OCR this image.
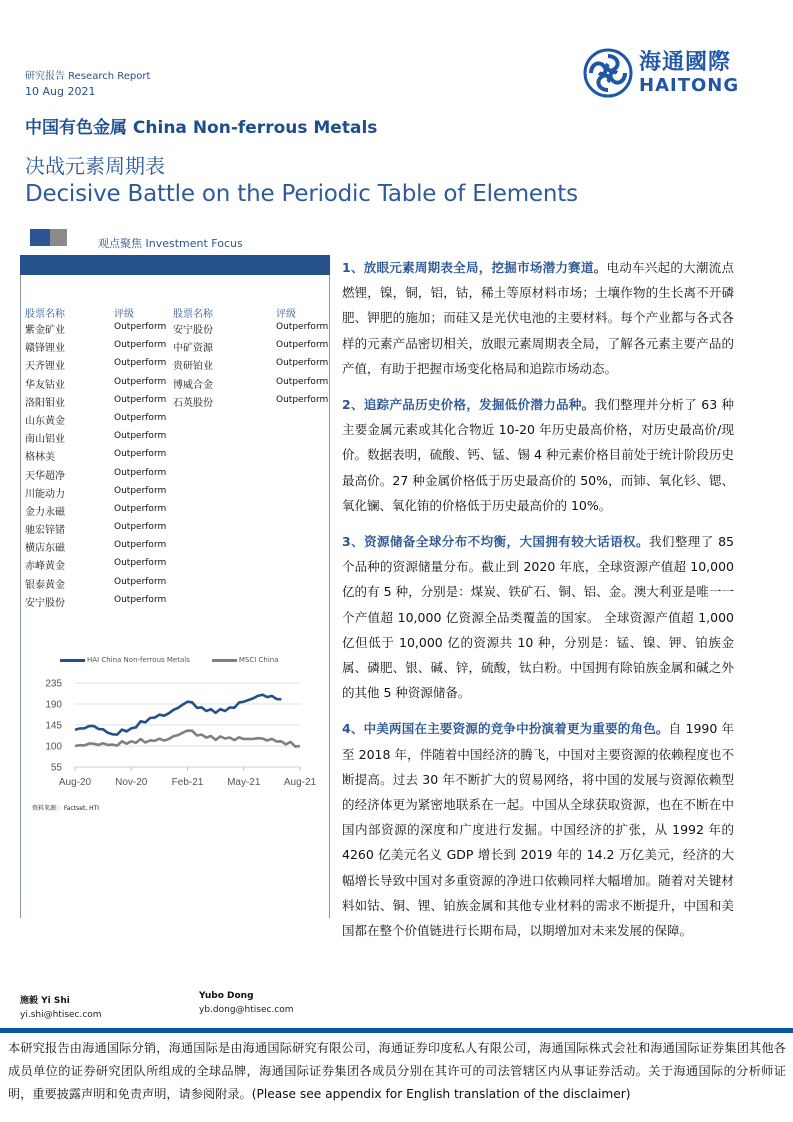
研究报告 Research Report
10 Aug 2021
中国有色金属 China Non-ferrous Metals
决战元素周期表
Decisive Battle on the Periodic Table of Elements
海通國際
HAITONG
观点聚焦 Investment Focus
股票名称
紫金矿业
赣锋锂业
天齐锂业
华友钴业
洛阳钼业
山东黄金
南山铝业
格林美
天华超净
川能动力
金力永磁
驰宏锌锗
横店东磁
赤峰黄金
银泰黄金
安宁股份
评级
Outperform
Outperform
Outperform
Outperform
Outperform
Outperform
Outperform
Outperform
Outperform
Outperform
Outperform
Outperform
Outperform
Outperform
Outperform
Outperform
股票名称
安宁股份
中矿资源
贵研铂业
博威合金
石英股份
评级
Outperform
Outperform
Outperform
Outperform
Outperform
HAI China Non-ferrous Metals	MSCI China
55
100
145
190
235
Aug-20 Nov-20 Feb-21 May-21 Aug-21
资料来源： Factset, HTI

1、放眼元素周期表全局，挖掘市场潜力赛道。电动车兴起的大潮流点燃锂，镍，铜，铝，钴，稀土等原材料市场；土壤作物的生长离不开磷肥、钾肥的施加；而硅又是光伏电池的主要材料。每个产业都与各式各样的元素产品密切相关，放眼元素周期表全局，了解各元素主要产品的产值，有助于把握市场变化格局和追踪市场动态。

2、追踪产品历史价格，发掘低价潜力品种。我们整理并分析了 63 种主要金属元素或其化合物近 10-20 年历史最高价格，对历史最高价/现价。数据表明，硫酸、钙、锰、锡 4 种元素价格目前处于统计阶段历史最高价。27 种金属价格低于历史最高价的 50%，而铈、氧化钐、锶、氧化镧、氧化铕的价格低于历史最高价的 10%。

3、资源储备全球分布不均衡，大国拥有较大话语权。我们整理了 85 个品种的资源储量分布。截止到 2020 年底，全球资源产值超 10,000 亿的有 5 种，分别是：煤炭、铁矿石、铜、铝、金。澳大利亚是唯一一个产值超 10,000 亿资源全品类覆盖的国家。 全球资源产值超 1,000 亿但低于 10,000 亿的资源共 10 种，分别是：锰、镍、钾、铂族金属、磷肥、银、碱、锌，硫酸，钛白粉。中国拥有除铂族金属和碱之外的其他 5 种资源储备。

4、中美两国在主要资源的竞争中扮演着更为重要的角色。自 1990 年至 2018 年，伴随着中国经济的腾飞，中国对主要资源的依赖程度也不断提高。过去 30 年不断扩大的贸易网络，将中国的发展与资源依赖型的经济体更为紧密地联系在一起。中国从全球获取资源，也在不断在中国内部资源的深度和广度进行发掘。中国经济的扩张，从 1992 年的 4260 亿美元名义 GDP 增长到 2019 年的 14.2 万亿美元，经济的大幅增长导致中国对多重资源的净进口依赖同样大幅增加。随着对关键材料如钴、铜、锂、铂族金属和其他专业材料的需求不断提升，中国和美国都在整个价值链进行长期布局，以期增加对未来发展的保障。

施毅 Yi Shi
yi.shi@htisec.com
Yubo Dong
yb.dong@htisec.com
本研究报告由海通国际分销，海通国际是由海通国际研究有限公司，海通证券印度私人有限公司，海通国际株式会社和海通国际证券集团其他各成员单位的证券研究团队所组成的全球品牌，海通国际证券集团各成员分别在其许可的司法管辖区内从事证券活动。关于海通国际的分析师证明，重要披露声明和免责声明，请参阅附录。(Please see appendix for English translation of the disclaimer)
